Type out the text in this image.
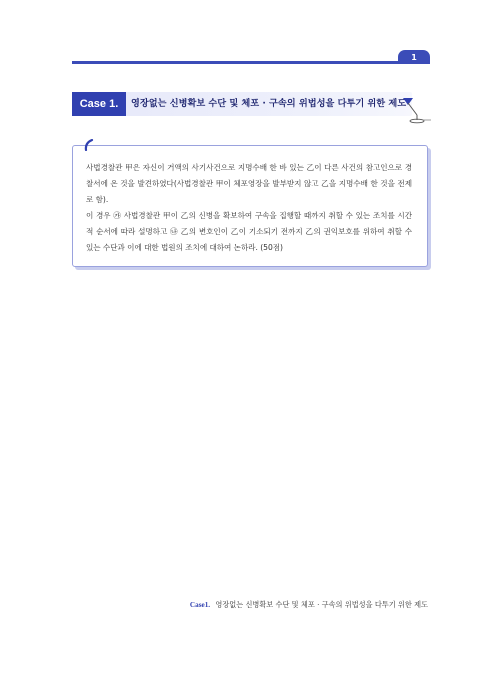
1
Case 1.	영장없는 신병확보 수단 및 체포 · 구속의 위법성을 다투기 위한 제도

사법경찰관 甲은 자신이 거액의 사기사건으로 지명수배 한 바 있는 乙이 다른 사건의 참고인으로 경찰서에 온 것을 발견하였다(사법경찰관 甲이 체포영장을 발부받지 않고 乙을 지명수배 한 것을 전제로 함).

이 경우 ㉮ 사법경찰관 甲이 乙의 신병을 확보하여 구속을 집행할 때까지 취할 수 있는 조치를 시간적 순서에 따라 설명하고 ㉯ 乙의 변호인이 乙이 기소되기 전까지 乙의 권익보호를 위하여 취할 수 있는 수단과 이에 대한 법원의 조치에 대하여 논하라. (50점)

Case1. 영장없는 신병확보 수단 및 체포 · 구속의 위법성을 다투기 위한 제도
